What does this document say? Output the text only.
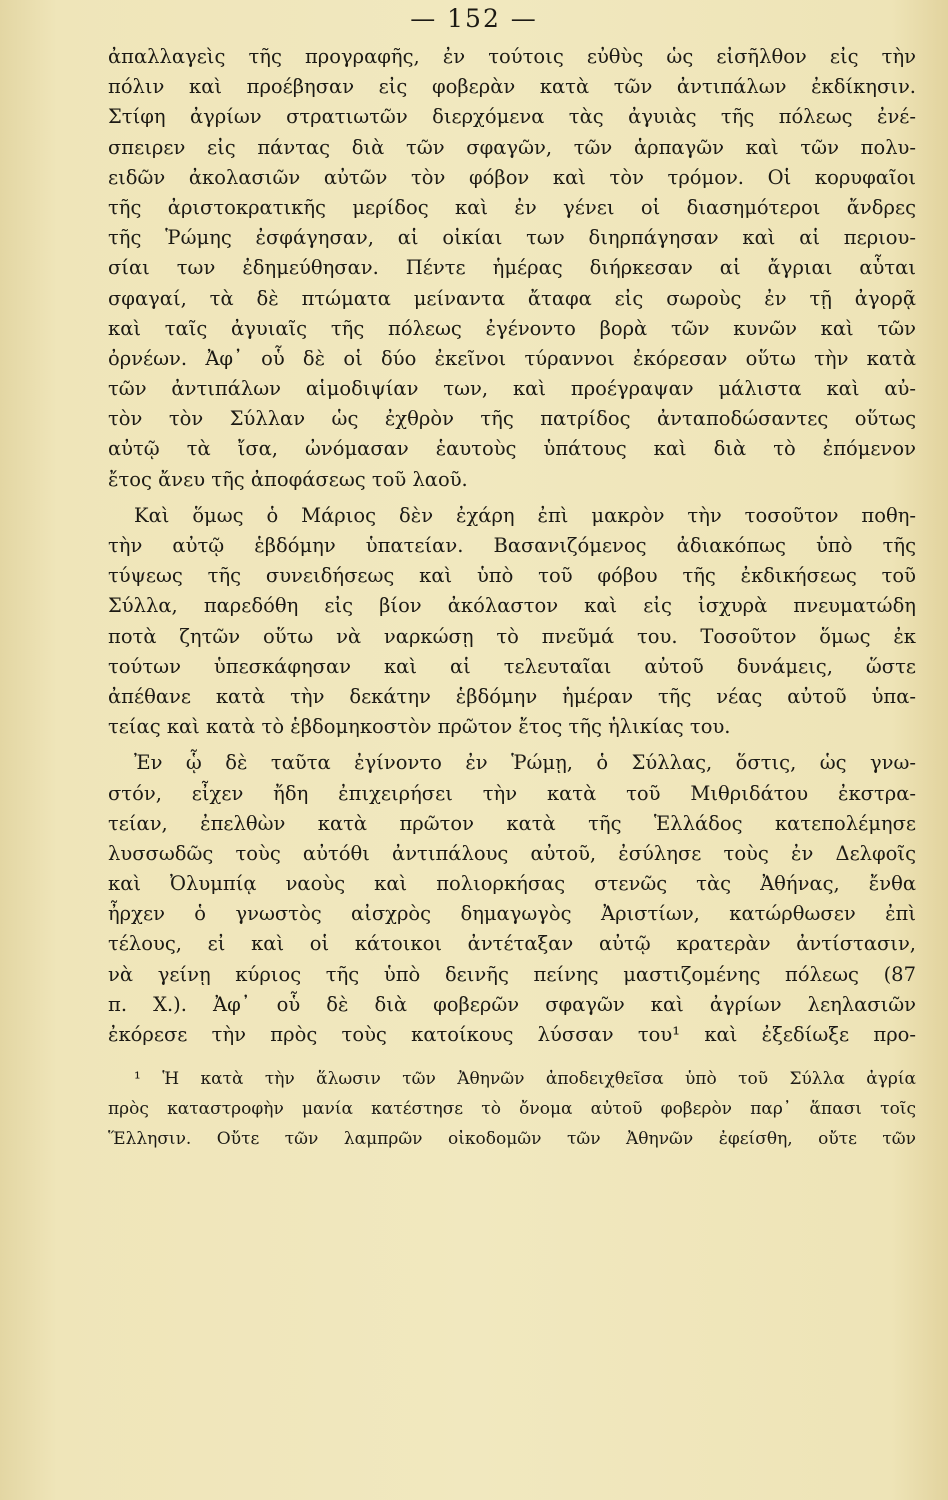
— 152 —
ἀπαλλαγεὶς τῆς προγραφῆς, ἐν τούτοις εὐθὺς ὡς εἰσῆλθον εἰς τὴν
πόλιν καὶ προέβησαν εἰς φοβερὰν κατὰ τῶν ἀντιπάλων ἐκδίκησιν.
Στίφη ἀγρίων στρατιωτῶν διερχόμενα τὰς ἀγυιὰς τῆς πόλεως ἐνέ-
σπειρεν εἰς πάντας διὰ τῶν σφαγῶν, τῶν ἁρπαγῶν καὶ τῶν πολυ-
ειδῶν ἀκολασιῶν αὐτῶν τὸν φόβον καὶ τὸν τρόμον. Οἱ κορυφαῖοι
τῆς ἀριστοκρατικῆς μερίδος καὶ ἐν γένει οἱ διασημότεροι ἄνδρες
τῆς Ῥώμης ἐσφάγησαν, αἱ οἰκίαι των διηρπάγησαν καὶ αἱ περιου-
σίαι των ἐδημεύθησαν. Πέντε ἡμέρας διήρκεσαν αἱ ἄγριαι αὗται
σφαγαί, τὰ δὲ πτώματα μείναντα ἄταφα εἰς σωροὺς ἐν τῇ ἀγορᾷ
καὶ ταῖς ἀγυιαῖς τῆς πόλεως ἐγένοντο βορὰ τῶν κυνῶν καὶ τῶν
ὀρνέων. Ἀφ᾽ οὗ δὲ οἱ δύο ἐκεῖνοι τύραννοι ἐκόρεσαν οὕτω τὴν κατὰ
τῶν ἀντιπάλων αἱμοδιψίαν των, καὶ προέγραψαν μάλιστα καὶ αὐ-
τὸν τὸν Σύλλαν ὡς ἐχθρὸν τῆς πατρίδος ἀνταποδώσαντες οὕτως
αὐτῷ τὰ ἴσα, ὠνόμασαν ἑαυτοὺς ὑπάτους καὶ διὰ τὸ ἐπόμενον
ἔτος ἄνευ τῆς ἀποφάσεως τοῦ λαοῦ.
Καὶ ὅμως ὁ Μάριος δὲν ἐχάρη ἐπὶ μακρὸν τὴν τοσοῦτον ποθη-
τὴν αὐτῷ ἑβδόμην ὑπατείαν. Βασανιζόμενος ἀδιακόπως ὑπὸ τῆς
τύψεως τῆς συνειδήσεως καὶ ὑπὸ τοῦ φόβου τῆς ἐκδικήσεως τοῦ
Σύλλα, παρεδόθη εἰς βίον ἀκόλαστον καὶ εἰς ἰσχυρὰ πνευματώδη
ποτὰ ζητῶν οὕτω νὰ ναρκώσῃ τὸ πνεῦμά του. Τοσοῦτον ὅμως ἐκ
τούτων ὑπεσκάφησαν καὶ αἱ τελευταῖαι αὐτοῦ δυνάμεις, ὥστε
ἀπέθανε κατὰ τὴν δεκάτην ἑβδόμην ἡμέραν τῆς νέας αὐτοῦ ὑπα-
τείας καὶ κατὰ τὸ ἑβδομηκοστὸν πρῶτον ἔτος τῆς ἡλικίας του.
Ἐν ᾧ δὲ ταῦτα ἐγίνοντο ἐν Ῥώμῃ, ὁ Σύλλας, ὅστις, ὡς γνω-
στόν, εἶχεν ἤδη ἐπιχειρήσει τὴν κατὰ τοῦ Μιθριδάτου ἐκστρα-
τείαν, ἐπελθὼν κατὰ πρῶτον κατὰ τῆς Ἑλλάδος κατεπολέμησε
λυσσωδῶς τοὺς αὐτόθι ἀντιπάλους αὐτοῦ, ἐσύλησε τοὺς ἐν Δελφοῖς
καὶ Ὀλυμπίᾳ ναοὺς καὶ πολιορκήσας στενῶς τὰς Ἀθήνας, ἔνθα
ἦρχεν ὁ γνωστὸς αἰσχρὸς δημαγωγὸς Ἀριστίων, κατώρθωσεν ἐπὶ
τέλους, εἰ καὶ οἱ κάτοικοι ἀντέταξαν αὐτῷ κρατερὰν ἀντίστασιν,
νὰ γείνῃ κύριος τῆς ὑπὸ δεινῆς πείνης μαστιζομένης πόλεως (87
π. Χ.). Ἀφ᾽ οὗ δὲ διὰ φοβερῶν σφαγῶν καὶ ἀγρίων λεηλασιῶν
ἐκόρεσε τὴν πρὸς τοὺς κατοίκους λύσσαν του¹ καὶ ἐξεδίωξε προ-
¹ Ἡ κατὰ τὴν ἅλωσιν τῶν Ἀθηνῶν ἀποδειχθεῖσα ὑπὸ τοῦ Σύλλα ἀγρία
πρὸς καταστροφὴν μανία κατέστησε τὸ ὄνομα αὐτοῦ φοβερὸν παρ᾽ ἅπασι τοῖς
Ἕλλησιν. Οὔτε τῶν λαμπρῶν οἰκοδομῶν τῶν Ἀθηνῶν ἐφείσθη, οὔτε τῶν
